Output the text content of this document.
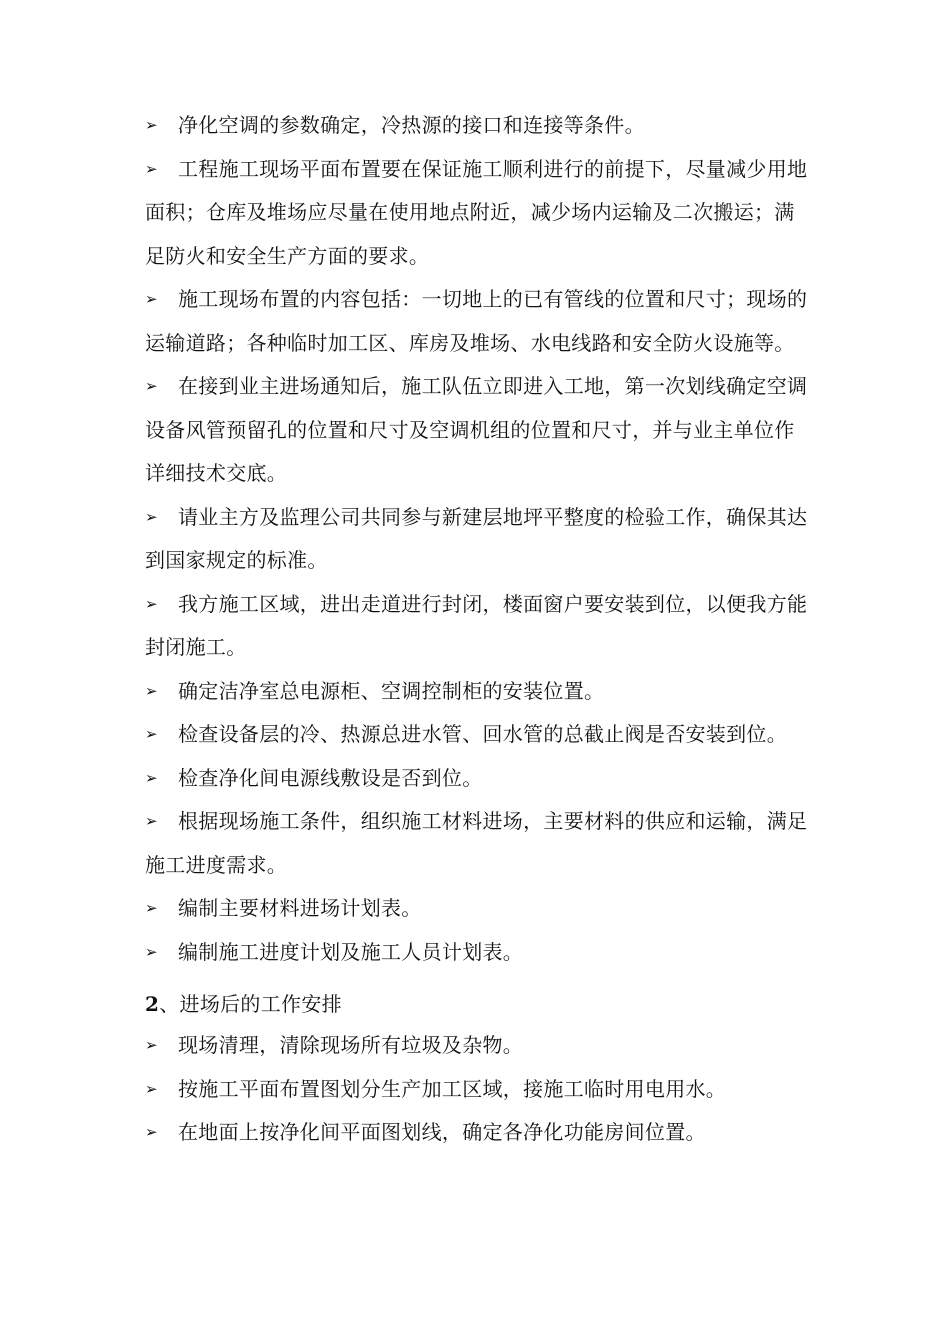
➢	净化空调的参数确定，冷热源的接口和连接等条件。

➢	工程施工现场平面布置要在保证施工顺利进行的前提下，尽量减少用地面积；仓库及堆场应尽量在使用地点附近，减少场内运输及二次搬运；满足防火和安全生产方面的要求。

➢	施工现场布置的内容包括：一切地上的已有管线的位置和尺寸；现场的运输道路；各种临时加工区、库房及堆场、水电线路和安全防火设施等。

➢	在接到业主进场通知后，施工队伍立即进入工地，第一次划线确定空调设备风管预留孔的位置和尺寸及空调机组的位置和尺寸，并与业主单位作详细技术交底。

➢	请业主方及监理公司共同参与新建层地坪平整度的检验工作，确保其达到国家规定的标准。

➢	我方施工区域，进出走道进行封闭，楼面窗户要安装到位，以便我方能封闭施工。

➢	确定洁净室总电源柜、空调控制柜的安装位置。

➢	检查设备层的冷、热源总进水管、回水管的总截止阀是否安装到位。

➢	检查净化间电源线敷设是否到位。

➢	根据现场施工条件，组织施工材料进场，主要材料的供应和运输，满足施工进度需求。

➢	编制主要材料进场计划表。

➢	编制施工进度计划及施工人员计划表。

2、进场后的工作安排

➢	现场清理，清除现场所有垃圾及杂物。

➢	按施工平面布置图划分生产加工区域，接施工临时用电用水。

➢	在地面上按净化间平面图划线，确定各净化功能房间位置。
